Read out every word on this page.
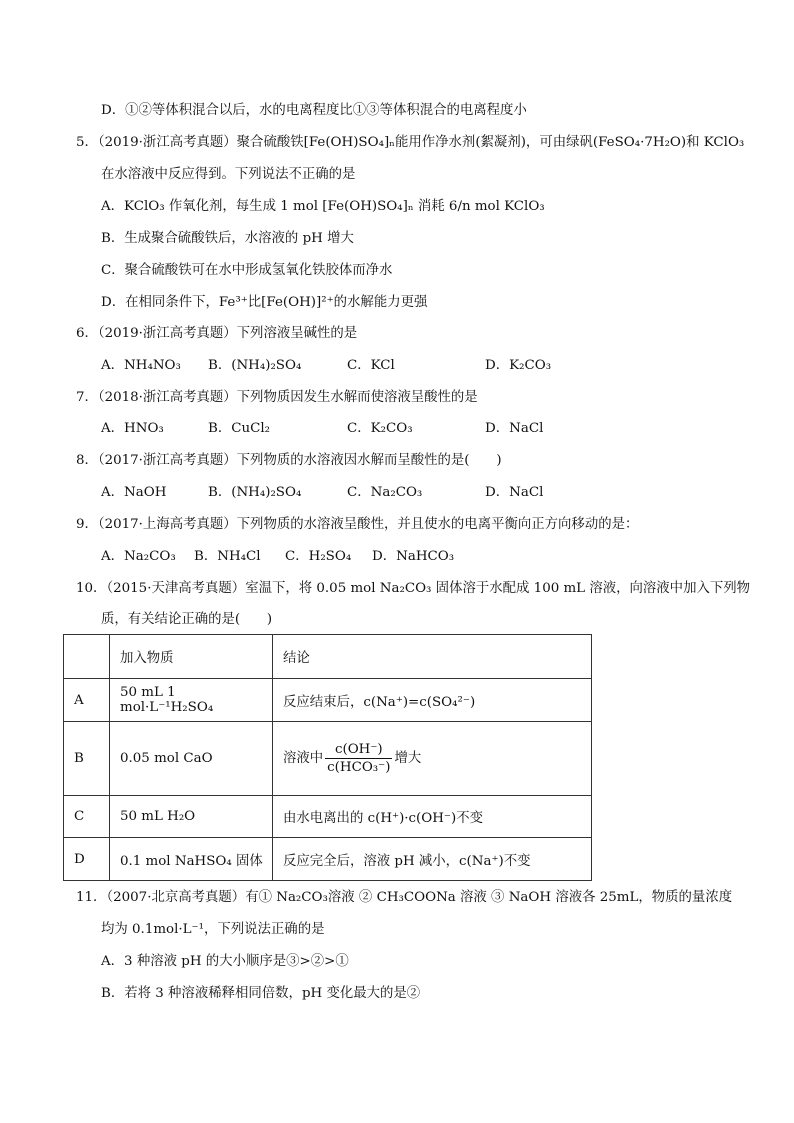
D．①②等体积混合以后，水的电离程度比①③等体积混合的电离程度小
5．（2019·浙江高考真题）聚合硫酸铁[Fe(OH)SO₄]ₙ能用作净水剂(絮凝剂)，可由绿矾(FeSO₄·7H₂O)和 KClO₃
在水溶液中反应得到。下列说法不正确的是
A．KClO₃ 作氧化剂，每生成 1 mol [Fe(OH)SO₄]ₙ 消耗 6/n mol KClO₃
B．生成聚合硫酸铁后，水溶液的 pH 增大
C．聚合硫酸铁可在水中形成氢氧化铁胶体而净水
D．在相同条件下，Fe³⁺比[Fe(OH)]²⁺的水解能力更强
6．（2019·浙江高考真题）下列溶液呈碱性的是
A．NH₄NO₃ B．(NH₄)₂SO₄	C．KCl	D．K₂CO₃
7．（2018·浙江高考真题）下列物质因发生水解而使溶液呈酸性的是
A．HNO₃	B．CuCl₂	C．K₂CO₃	D．NaCl
8．（2017·浙江高考真题）下列物质的水溶液因水解而呈酸性的是(　　)
A．NaOH	B．(NH₄)₂SO₄	C．Na₂CO₃	D．NaCl
9．（2017·上海高考真题）下列物质的水溶液呈酸性，并且使水的电离平衡向正方向移动的是：
A．Na₂CO₃ B．NH₄Cl C．H₂SO₄ D．NaHCO₃
10．（2015·天津高考真题）室温下，将 0.05 mol Na₂CO₃ 固体溶于水配成 100 mL 溶液，向溶液中加入下列物
质，有关结论正确的是(　　)
	加入物质	结论
A	50 mL 1 mol·L⁻¹H₂SO₄	反应结束后，c(Na⁺)=c(SO₄²⁻)
B	0.05 mol CaO	溶液中 $\frac{c(OH^-)}{\text{c(HCO₃⁻)}}$ 增大
C	50 mL H₂O	由水电离出的 c(H⁺)·c(OH⁻)不变
D	0.1 mol NaHSO₄ 固体	反应完全后，溶液 pH 减小，c(Na⁺)不变
11．（2007·北京高考真题）有① Na₂CO₃溶液 ② CH₃COONa 溶液 ③ NaOH 溶液各 25mL，物质的量浓度
均为 0.1mol·L⁻¹，下列说法正确的是
A．3 种溶液 pH 的大小顺序是③>②>①
B．若将 3 种溶液稀释相同倍数，pH 变化最大的是②
